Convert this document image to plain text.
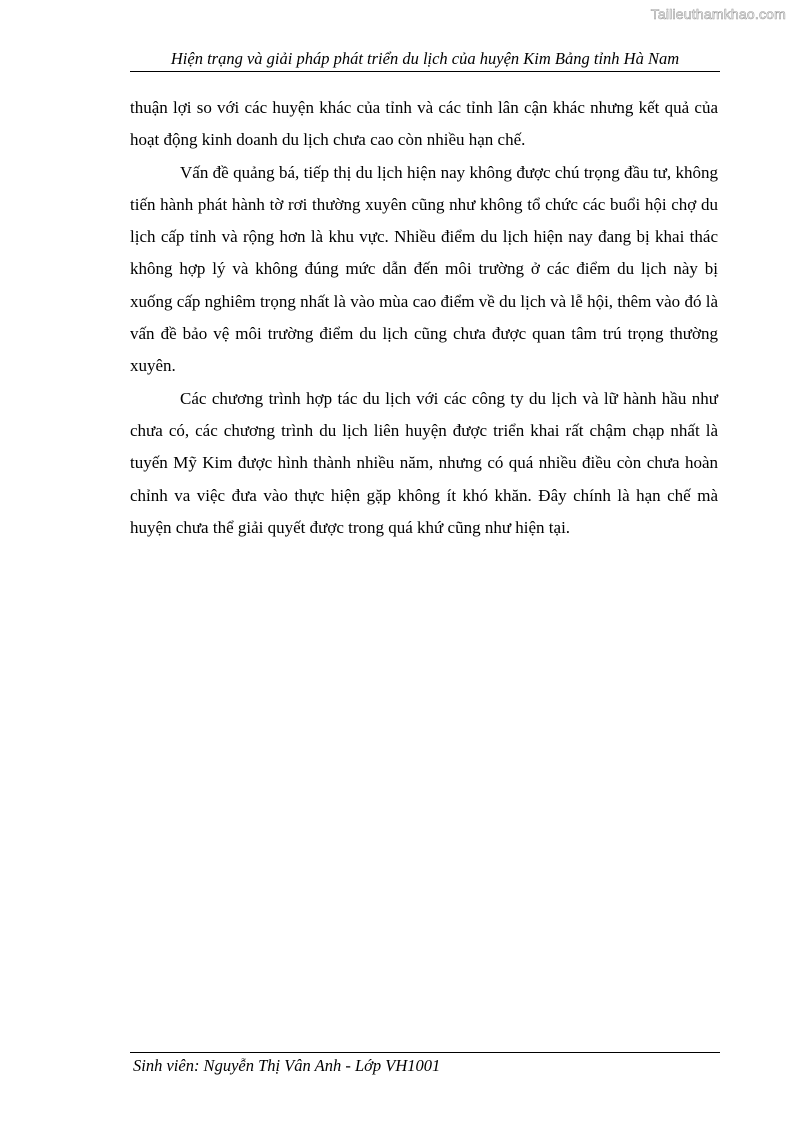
Tailieuthamkhao.com
Hiện trạng và giải pháp phát triển du lịch của huyện Kim Bảng tỉnh Hà Nam

thuận lợi so với các huyện khác của tỉnh và các tỉnh lân cận khác nhưng kết quả của hoạt động kinh doanh du lịch chưa cao còn nhiều hạn chế.

Vấn đề quảng bá, tiếp thị du lịch hiện nay không được chú trọng đầu tư, không tiến hành phát hành tờ rơi thường xuyên cũng như không tổ chức các buổi hội chợ du lịch cấp tỉnh và rộng hơn là khu vực. Nhiều điểm du lịch hiện nay đang bị khai thác không hợp lý và không đúng mức dẫn đến môi trường ở các điểm du lịch này bị xuống cấp nghiêm trọng nhất là vào mùa cao điểm về du lịch và lễ hội, thêm vào đó là vấn đề bảo vệ môi trường điểm du lịch cũng chưa được quan tâm trú trọng thường xuyên.

Các chương trình hợp tác du lịch với các công ty du lịch và lữ hành hầu như chưa có, các chương trình du lịch liên huyện được triển khai rất chậm chạp nhất là tuyến Mỹ Kim được hình thành nhiều năm, nhưng có quá nhiều điều còn chưa hoàn chỉnh va việc đưa vào thực hiện gặp không ít khó khăn. Đây chính là hạn chế mà huyện chưa thể giải quyết được trong quá khứ cũng như hiện tại.

Sinh viên: Nguyễn Thị Vân Anh - Lớp VH1001
